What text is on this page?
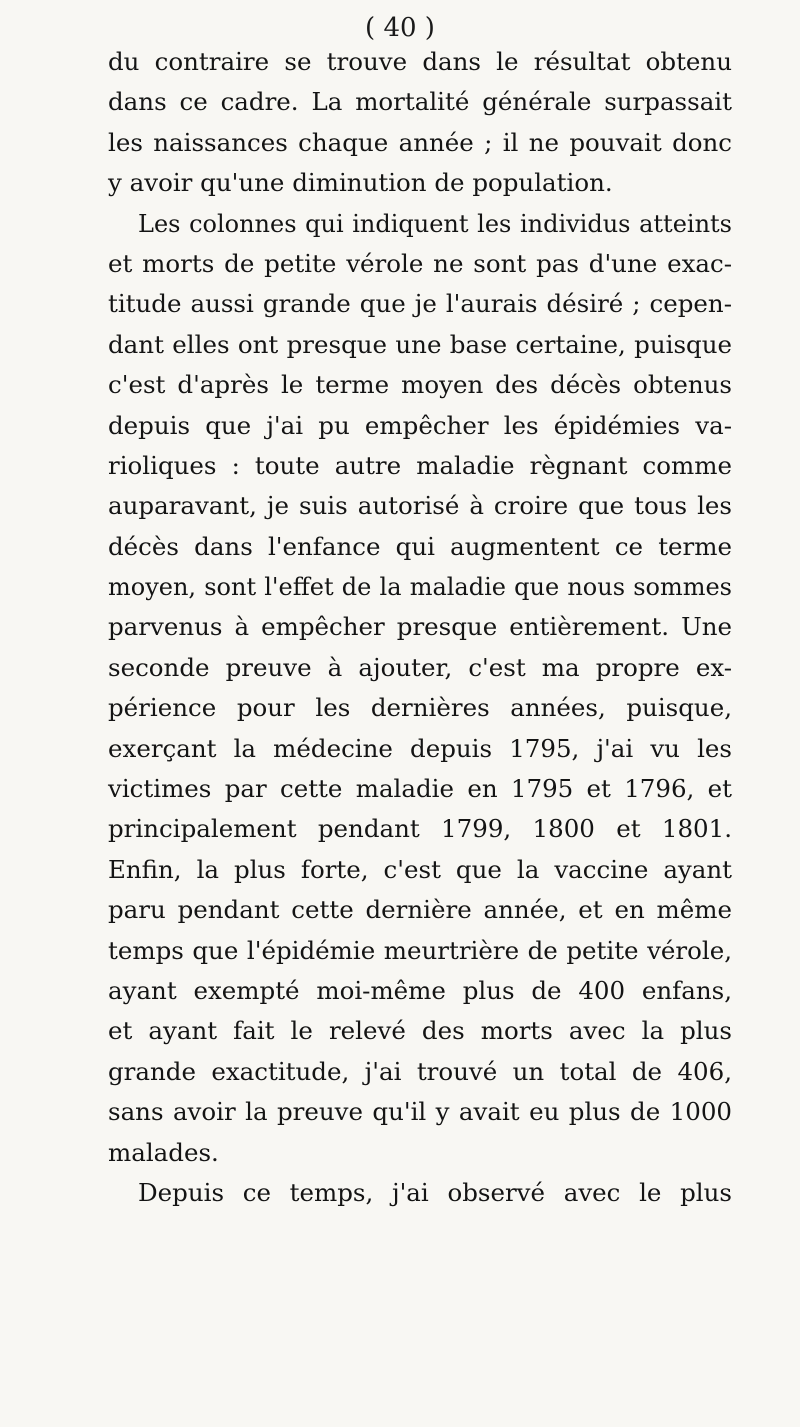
( 40 )
du contraire se trouve dans le résultat obtenu
dans ce cadre. La mortalité générale surpassait
les naissances chaque année ; il ne pouvait donc
y avoir qu'une diminution de population.
Les colonnes qui indiquent les individus atteints
et morts de petite vérole ne sont pas d'une exac-
titude aussi grande que je l'aurais désiré ; cepen-
dant elles ont presque une base certaine, puisque
c'est d'après le terme moyen des décès obtenus
depuis que j'ai pu empêcher les épidémies va-
rioliques : toute autre maladie règnant comme
auparavant, je suis autorisé à croire que tous les
décès dans l'enfance qui augmentent ce terme
moyen, sont l'effet de la maladie que nous sommes
parvenus à empêcher presque entièrement. Une
seconde preuve à ajouter, c'est ma propre ex-
périence pour les dernières années, puisque,
exerçant la médecine depuis 1795, j'ai vu les
victimes par cette maladie en 1795 et 1796, et
principalement pendant 1799, 1800 et 1801.
Enfin, la plus forte, c'est que la vaccine ayant
paru pendant cette dernière année, et en même
temps que l'épidémie meurtrière de petite vérole,
ayant exempté moi-même plus de 400 enfans,
et ayant fait le relevé des morts avec la plus
grande exactitude, j'ai trouvé un total de 406,
sans avoir la preuve qu'il y avait eu plus de 1000
malades.
Depuis ce temps, j'ai observé avec le plus
